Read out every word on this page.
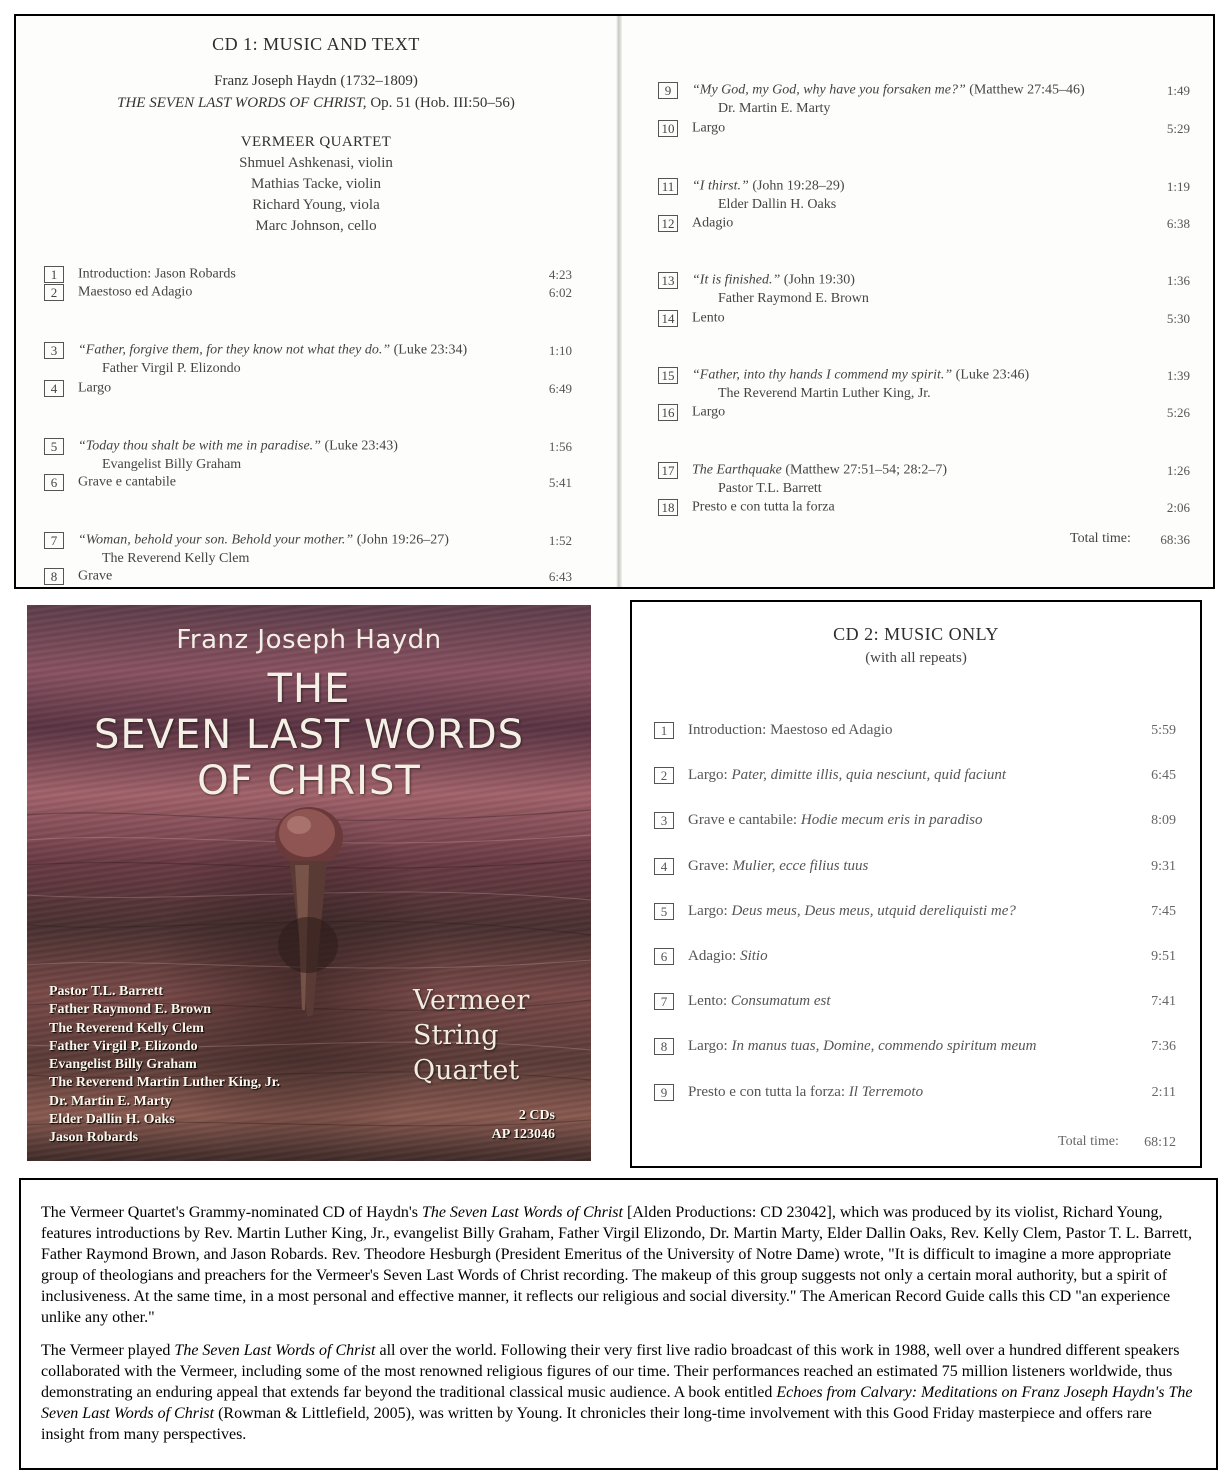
CD 1: MUSIC AND TEXT
Franz Joseph Haydn (1732–1809)
THE SEVEN LAST WORDS OF CHRIST, Op. 51 (Hob. III:50–56)
VERMEER QUARTET
Shmuel Ashkenasi, violin
Mathias Tacke, violin
Richard Young, viola
Marc Johnson, cello
1 Introduction: Jason Robards	4:23
2 Maestoso ed Adagio	6:02
3 “Father, forgive them, for they know not what they do.” (Luke 23:34)	1:10
Father Virgil P. Elizondo
4 Largo	6:49
5 “Today thou shalt be with me in paradise.” (Luke 23:43)	1:56
Evangelist Billy Graham
6 Grave e cantabile	5:41
7 “Woman, behold your son. Behold your mother.” (John 19:26–27)	1:52
The Reverend Kelly Clem
8 Grave	6:43
9 “My God, my God, why have you forsaken me?” (Matthew 27:45–46)	1:49
Dr. Martin E. Marty
10 Largo	5:29
11 “I thirst.” (John 19:28–29)	1:19
Elder Dallin H. Oaks
12 Adagio	6:38
13 “It is finished.” (John 19:30)	1:36
Father Raymond E. Brown
14 Lento	5:30
15 “Father, into thy hands I commend my spirit.” (Luke 23:46)	1:39
The Reverend Martin Luther King, Jr.
16 Largo	5:26
17 The Earthquake (Matthew 27:51–54; 28:2–7)	1:26
Pastor T.L. Barrett
18 Presto e con tutta la forza	2:06
Total time:	68:36
Franz Joseph Haydn
THE
SEVEN LAST WORDS
OF CHRIST
Pastor T.L. Barrett
Father Raymond E. Brown
The Reverend Kelly Clem
Father Virgil P. Elizondo
Evangelist Billy Graham
The Reverend Martin Luther King, Jr.
Dr. Martin E. Marty
Elder Dallin H. Oaks
Jason Robards
Vermeer
String
Quartet
2 CDs
AP 123046
CD 2: MUSIC ONLY
(with all repeats)
1 Introduction: Maestoso ed Adagio	5:59
2 Largo: Pater, dimitte illis, quia nesciunt, quid faciunt	6:45
3 Grave e cantabile: Hodie mecum eris in paradiso	8:09
4 Grave: Mulier, ecce filius tuus	9:31
5 Largo: Deus meus, Deus meus, utquid dereliquisti me?	7:45
6 Adagio: Sitio	9:51
7 Lento: Consumatum est	7:41
8 Largo: In manus tuas, Domine, commendo spiritum meum	7:36
9 Presto e con tutta la forza: Il Terremoto	2:11
Total time:	68:12

The Vermeer Quartet's Grammy-nominated CD of Haydn's The Seven Last Words of Christ [Alden Productions: CD 23042], which was produced by its violist, Richard Young, features introductions by Rev. Martin Luther King, Jr., evangelist Billy Graham, Father Virgil Elizondo, Dr. Martin Marty, Elder Dallin Oaks, Rev. Kelly Clem, Pastor T. L. Barrett, Father Raymond Brown, and Jason Robards. Rev. Theodore Hesburgh (President Emeritus of the University of Notre Dame) wrote, "It is difficult to imagine a more appropriate group of theologians and preachers for the Vermeer's Seven Last Words of Christ recording. The makeup of this group suggests not only a certain moral authority, but a spirit of inclusiveness. At the same time, in a most personal and effective manner, it reflects our religious and social diversity." The American Record Guide calls this CD "an experience unlike any other."

The Vermeer played The Seven Last Words of Christ all over the world. Following their very first live radio broadcast of this work in 1988, well over a hundred different speakers collaborated with the Vermeer, including some of the most renowned religious figures of our time. Their performances reached an estimated 75 million listeners worldwide, thus demonstrating an enduring appeal that extends far beyond the traditional classical music audience. A book entitled Echoes from Calvary: Meditations on Franz Joseph Haydn's The Seven Last Words of Christ (Rowman & Littlefield, 2005), was written by Young. It chronicles their long-time involvement with this Good Friday masterpiece and offers rare insight from many perspectives.
